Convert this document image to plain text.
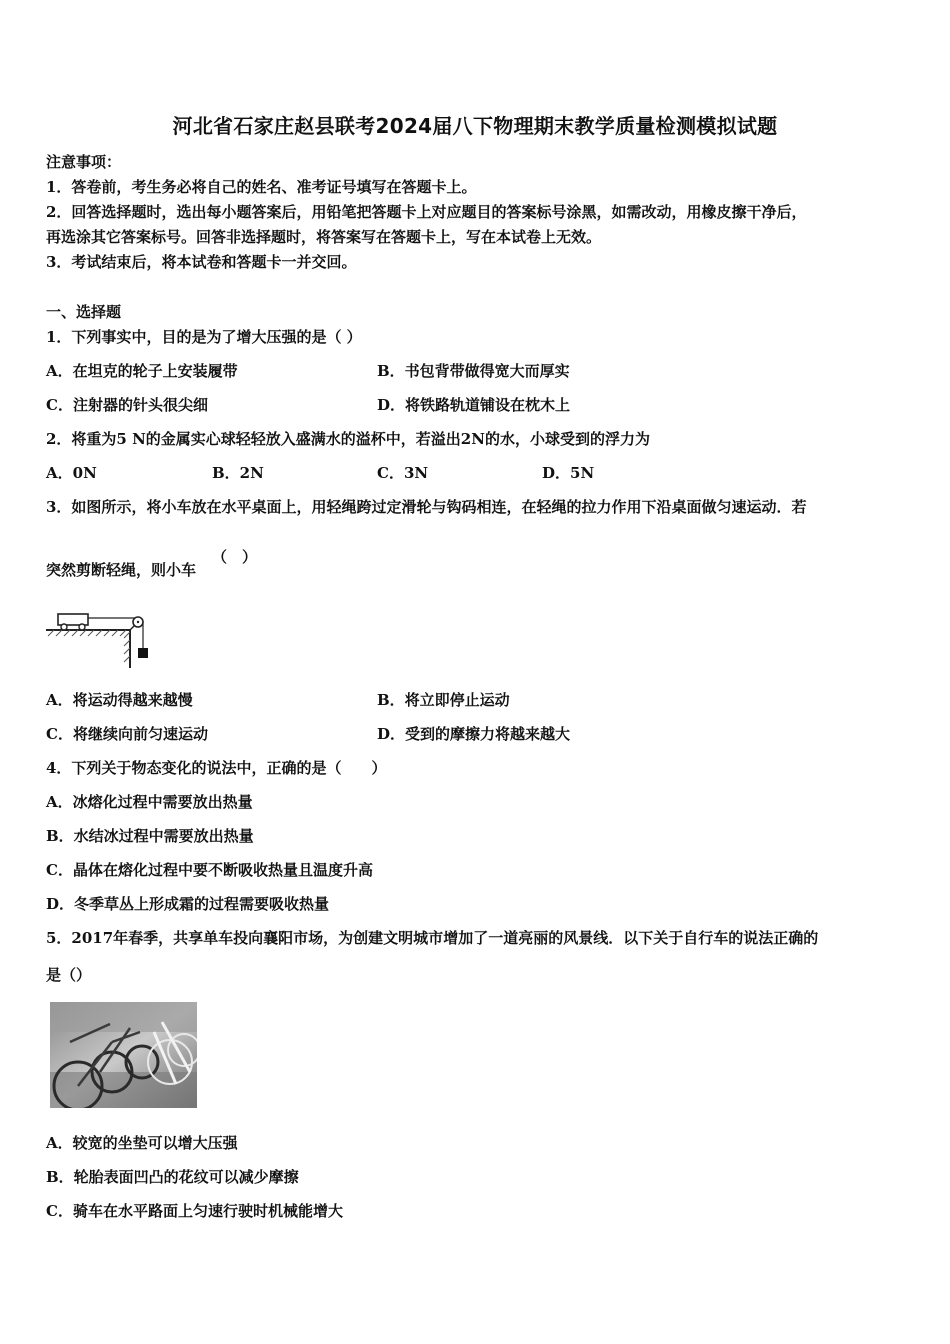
河北省石家庄赵县联考2024届八下物理期末教学质量检测模拟试题
注意事项：
1．答卷前，考生务必将自己的姓名、准考证号填写在答题卡上。
2．回答选择题时，选出每小题答案后，用铅笔把答题卡上对应题目的答案标号涂黑，如需改动，用橡皮擦干净后，
再选涂其它答案标号。回答非选择题时，将答案写在答题卡上，写在本试卷上无效。
3．考试结束后，将本试卷和答题卡一并交回。
一、选择题
1．下列事实中，目的是为了增大压强的是（ ）
A．在坦克的轮子上安装履带	B．书包背带做得宽大而厚实
C．注射器的针头很尖细	D．将铁路轨道铺设在枕木上
2．将重为5 N的金属实心球轻轻放入盛满水的溢杯中，若溢出2N的水，小球受到的浮力为
A．0N	B．2N	C．3N	D．5N
3．如图所示，将小车放在水平桌面上，用轻绳跨过定滑轮与钩码相连，在轻绳的拉力作用下沿桌面做匀速运动．若
突然剪断轻绳，则小车
（　）
A．将运动得越来越慢	B．将立即停止运动
C．将继续向前匀速运动	D．受到的摩擦力将越来越大
4．下列关于物态变化的说法中，正确的是（　　）
A．冰熔化过程中需要放出热量
B．水结冰过程中需要放出热量
C．晶体在熔化过程中要不断吸收热量且温度升高
D．冬季草丛上形成霜的过程需要吸收热量
5．2017年春季，共享单车投向襄阳市场，为创建文明城市增加了一道亮丽的风景线．以下关于自行车的说法正确的
是（）
A．较宽的坐垫可以增大压强
B．轮胎表面凹凸的花纹可以减少摩擦
C．骑车在水平路面上匀速行驶时机械能增大
